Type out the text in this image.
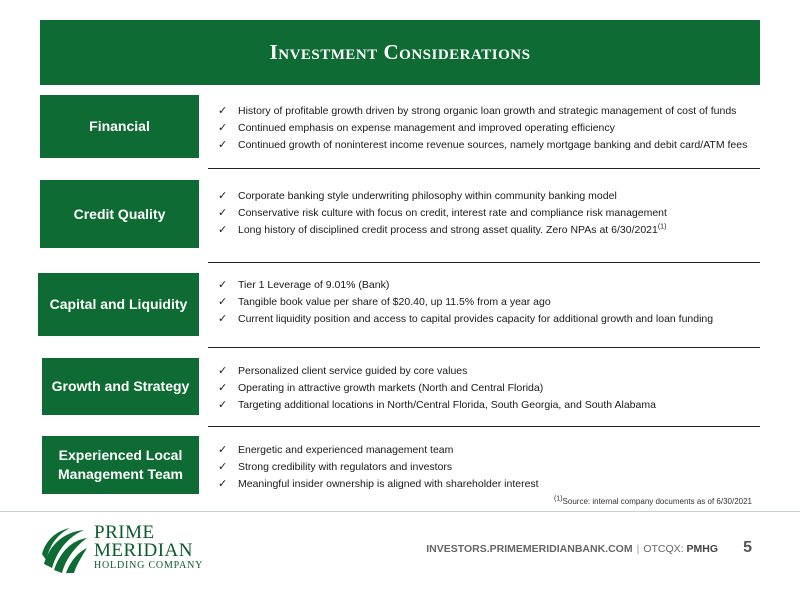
Investment Considerations
Financial
✓	History of profitable growth driven by strong organic loan growth and strategic management of cost of funds
✓	Continued emphasis on expense management and improved operating efficiency
✓	Continued growth of noninterest income revenue sources, namely mortgage banking and debit card/ATM fees
Credit Quality
✓	Corporate banking style underwriting philosophy within community banking model
✓	Conservative risk culture with focus on credit, interest rate and compliance risk management
✓	Long history of disciplined credit process and strong asset quality. Zero NPAs at 6/30/2021$^{(1)}$
Capital and Liquidity
✓	Tier 1 Leverage of 9.01% (Bank)
✓	Tangible book value per share of $20.40, up 11.5% from a year ago
✓	Current liquidity position and access to capital provides capacity for additional growth and loan funding
Growth and Strategy
✓	Personalized client service guided by core values
✓	Operating in attractive growth markets (North and Central Florida)
✓	Targeting additional locations in North/Central Florida, South Georgia, and South Alabama
Experienced Local
Management Team
✓	Energetic and experienced management team
✓	Strong credibility with regulators and investors
✓	Meaningful insider ownership is aligned with shareholder interest
$^{(1)}$Source: internal company documents as of 6/30/2021
PRIME
MERIDIAN
HOLDING COMPANY
INVESTORS.PRIMEMERIDIANBANK.COM | OTCQX: PMHG 5
